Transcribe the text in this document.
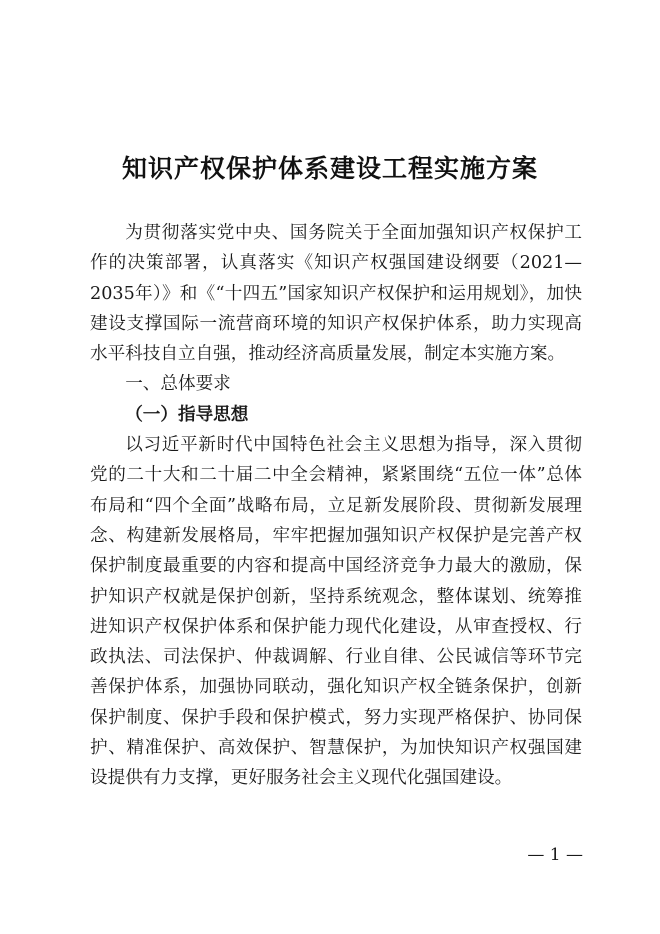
知识产权保护体系建设工程实施方案

为贯彻落实党中央、国务院关于全面加强知识产权保护工作的决策部署，认真落实《知识产权强国建设纲要（2021—2035年）》和《“十四五”国家知识产权保护和运用规划》，加快建设支撑国际一流营商环境的知识产权保护体系，助力实现高水平科技自立自强，推动经济高质量发展，制定本实施方案。

一、总体要求

（一）指导思想

以习近平新时代中国特色社会主义思想为指导，深入贯彻党的二十大和二十届二中全会精神，紧紧围绕“五位一体”总体布局和“四个全面”战略布局，立足新发展阶段、贯彻新发展理念、构建新发展格局，牢牢把握加强知识产权保护是完善产权保护制度最重要的内容和提高中国经济竞争力最大的激励，保护知识产权就是保护创新，坚持系统观念，整体谋划、统筹推进知识产权保护体系和保护能力现代化建设，从审查授权、行政执法、司法保护、仲裁调解、行业自律、公民诚信等环节完善保护体系，加强协同联动，强化知识产权全链条保护，创新保护制度、保护手段和保护模式，努力实现严格保护、协同保护、精准保护、高效保护、智慧保护，为加快知识产权强国建设提供有力支撑，更好服务社会主义现代化强国建设。

— 1 —
